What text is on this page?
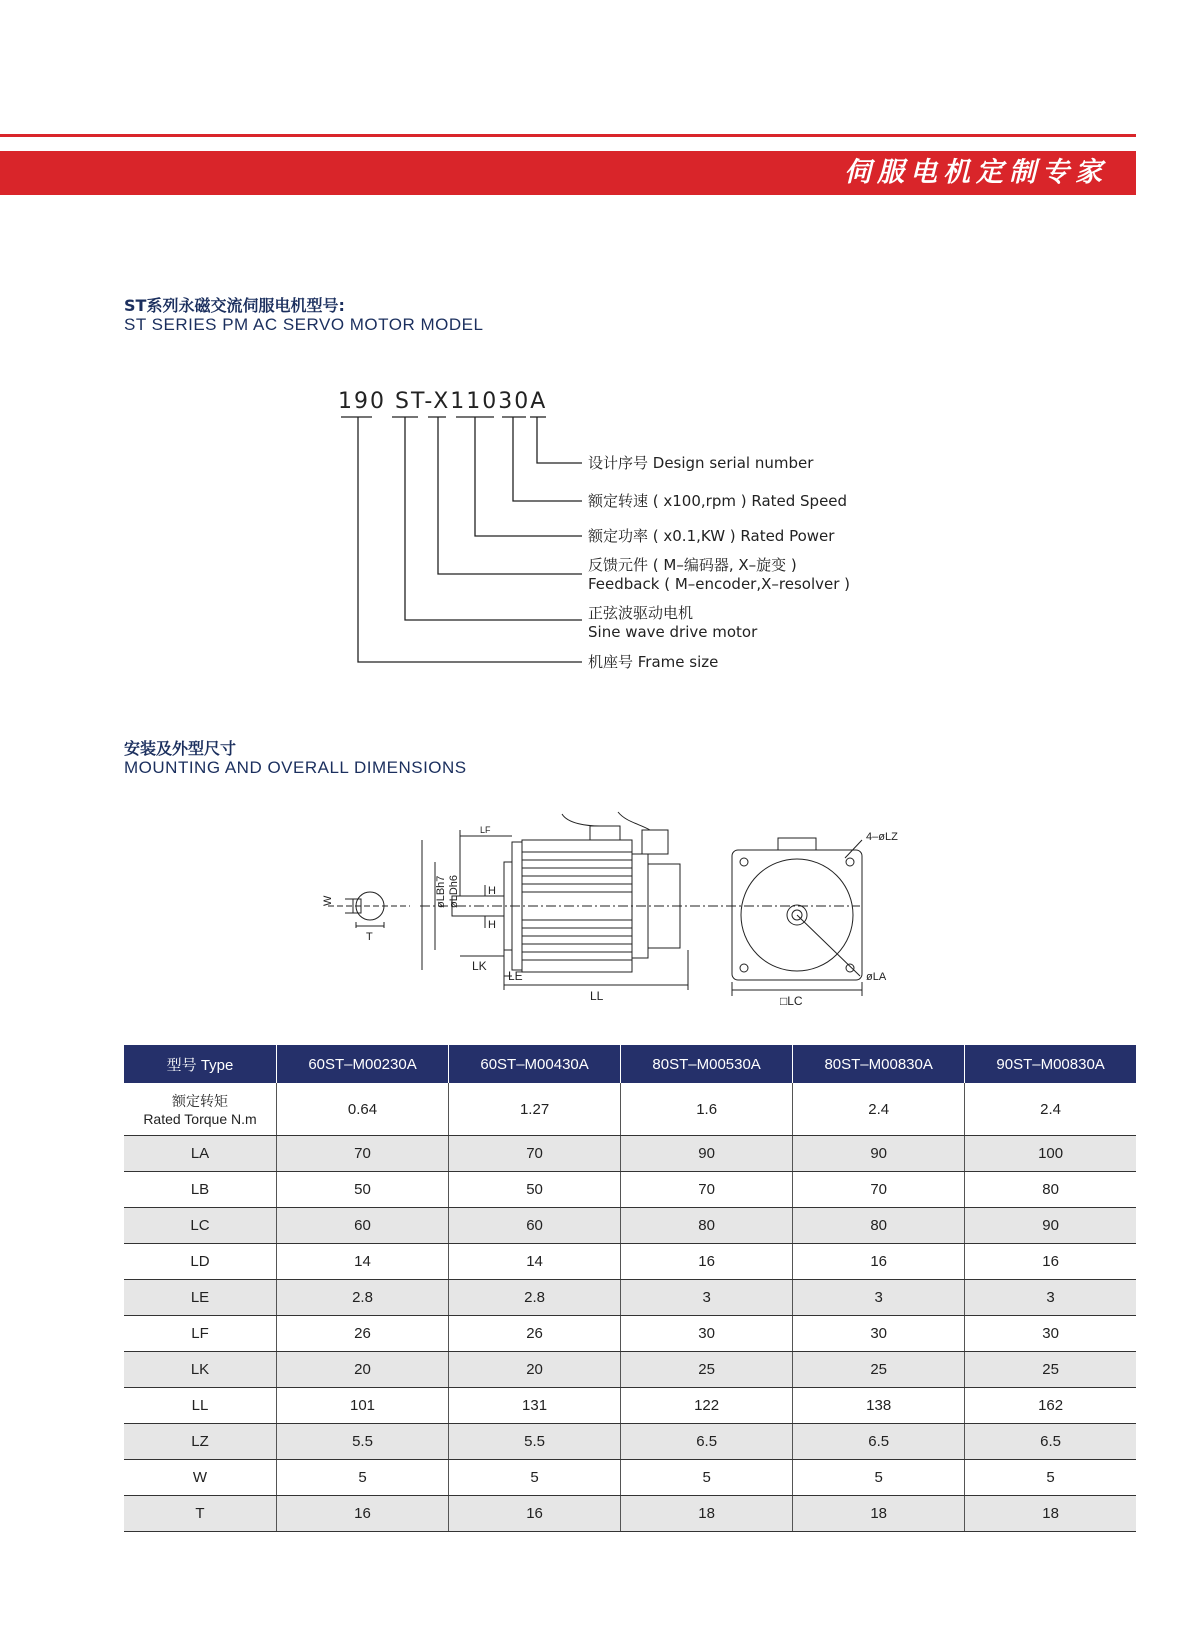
伺服电机定制专家
ST系列永磁交流伺服电机型号:
ST SERIES PM AC SERVO MOTOR MODEL
190 ST-X11030A
设计序号 Design serial number
额定转速 ( x100,rpm ) Rated Speed
额定功率 ( x0.1,KW ) Rated Power
反馈元件 ( M–编码器, X–旋变 )
Feedback ( M–encoder,X–resolver )
正弦波驱动电机
Sine wave drive motor
机座号 Frame size
安装及外型尺寸
MOUNTING AND OVERALL DIMENSIONS
W
T
øLBh7 øLDh6
LF
H
H
LK
LE
LL
4–øLZ
øLA
□LC
型号 Type	60ST–M00230A	60ST–M00430A	80ST–M00530A	80ST–M00830A	90ST–M00830A

额定转矩
Rated Torque N.m	0.64	1.27	1.6	2.4	2.4
LA	70	70	90	90	100
LB	50	50	70	70	80
LC	60	60	80	80	90
LD	14	14	16	16	16
LE	2.8	2.8	3	3	3
LF	26	26	30	30	30
LK	20	20	25	25	25
LL	101	131	122	138	162
LZ	5.5	5.5	6.5	6.5	6.5
W	5	5	5	5	5
T	16	16	18	18	18
